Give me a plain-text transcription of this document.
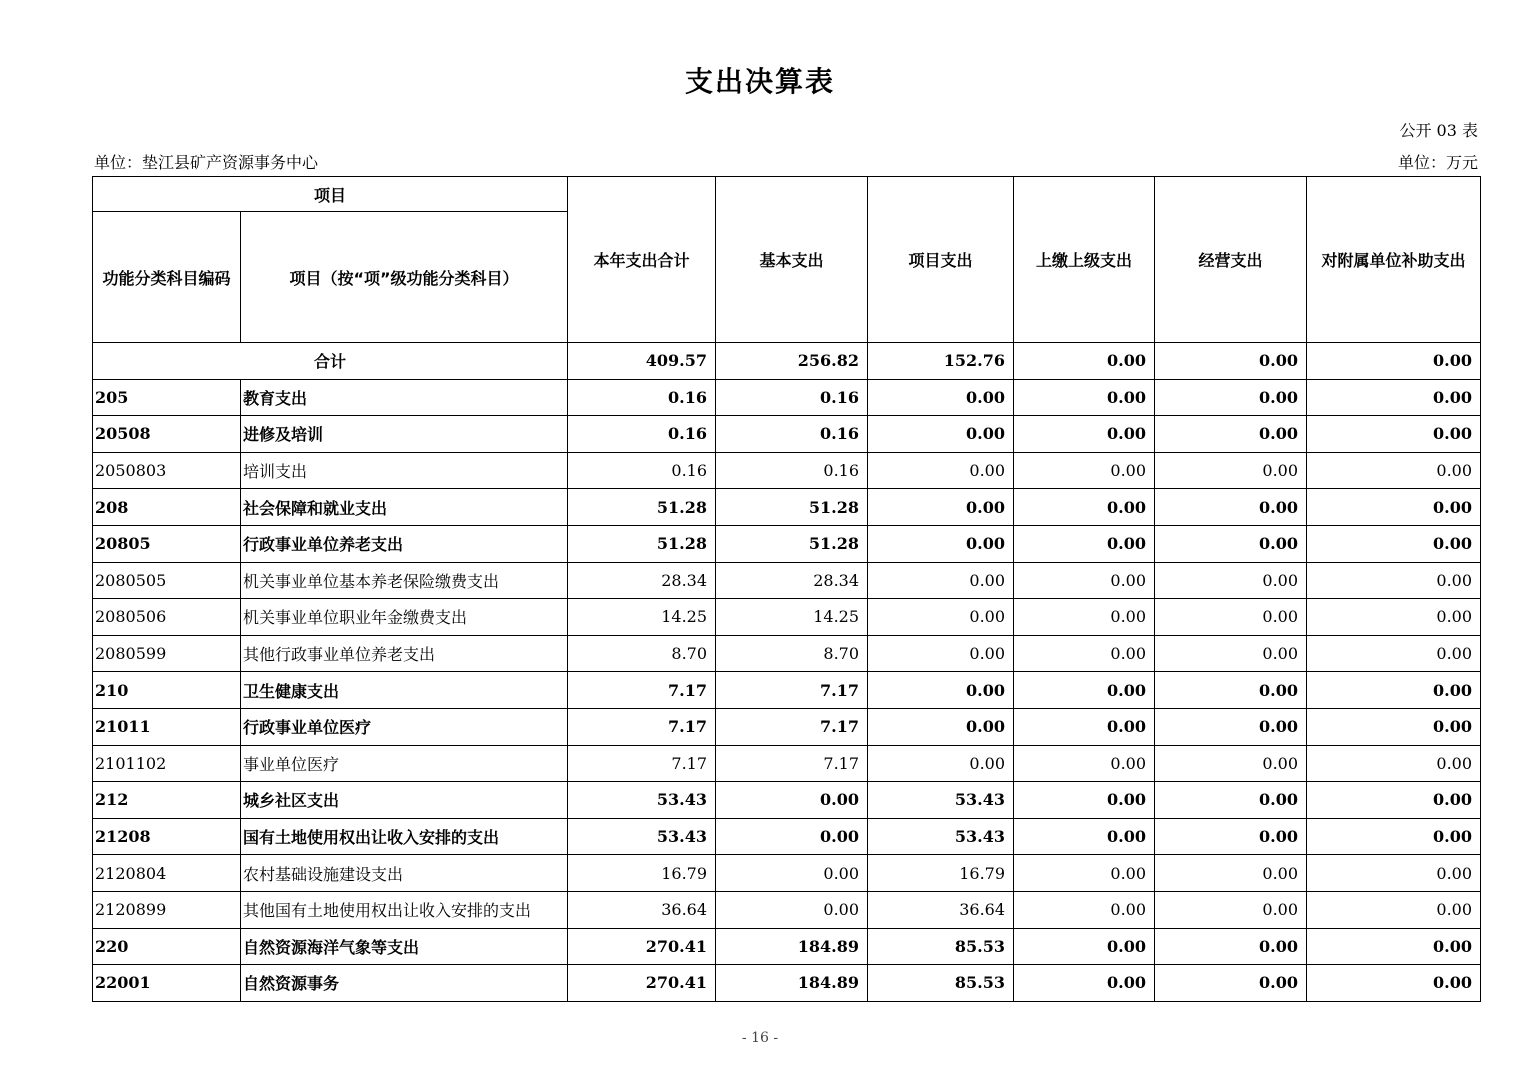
支出决算表
公开 03 表
单位：垫江县矿产资源事务中心	单位：万元
项目		本年支出合计	基本支出	项目支出	上缴上级支出	经营支出	对附属单位补助支出
功能分类科目编码	项目（按“项”级功能分类科目）						
合计		409.57	256.82	152.76	0.00	0.00	0.00
205	教育支出	0.16	0.16	0.00	0.00	0.00	0.00
20508	进修及培训	0.16	0.16	0.00	0.00	0.00	0.00
2050803	培训支出	0.16	0.16	0.00	0.00	0.00	0.00
208	社会保障和就业支出	51.28	51.28	0.00	0.00	0.00	0.00
20805	行政事业单位养老支出	51.28	51.28	0.00	0.00	0.00	0.00
2080505	机关事业单位基本养老保险缴费支出	28.34	28.34	0.00	0.00	0.00	0.00
2080506	机关事业单位职业年金缴费支出	14.25	14.25	0.00	0.00	0.00	0.00
2080599	其他行政事业单位养老支出	8.70	8.70	0.00	0.00	0.00	0.00
210	卫生健康支出	7.17	7.17	0.00	0.00	0.00	0.00
21011	行政事业单位医疗	7.17	7.17	0.00	0.00	0.00	0.00
2101102	事业单位医疗	7.17	7.17	0.00	0.00	0.00	0.00
212	城乡社区支出	53.43	0.00	53.43	0.00	0.00	0.00
21208	国有土地使用权出让收入安排的支出	53.43	0.00	53.43	0.00	0.00	0.00
2120804	农村基础设施建设支出	16.79	0.00	16.79	0.00	0.00	0.00
2120899	其他国有土地使用权出让收入安排的支出	36.64	0.00	36.64	0.00	0.00	0.00
220	自然资源海洋气象等支出	270.41	184.89	85.53	0.00	0.00	0.00
22001	自然资源事务	270.41	184.89	85.53	0.00	0.00	0.00
- 16 -
